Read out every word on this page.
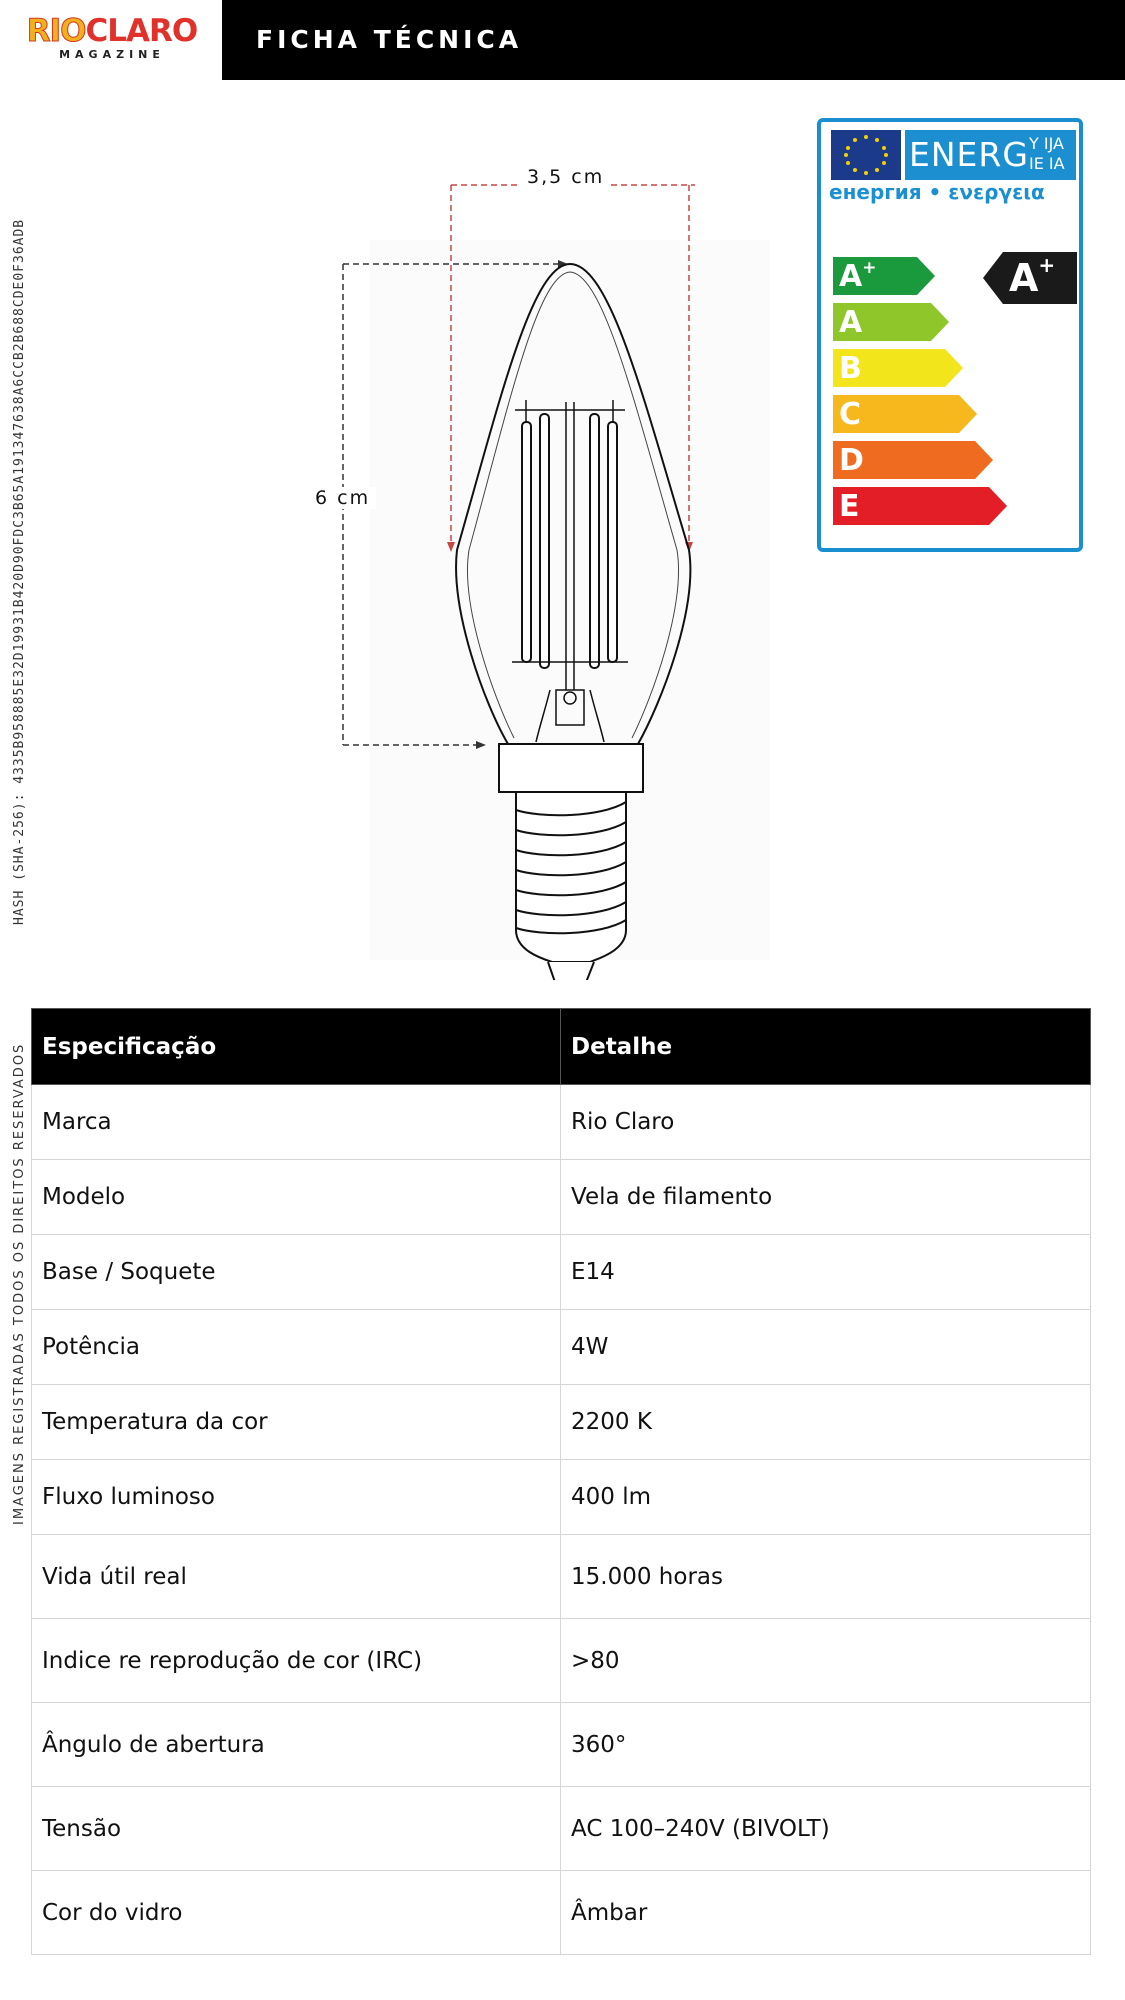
RIOCLARO
MAGAZINE
FICHA TÉCNICA
HASH (SHA-256): 4335B958885E32D19931B420D90FDC3B65A191347638A6CCB2B688CDE0F36ADB
IMAGENS REGISTRADAS TODOS OS DIREITOS RESERVADOS
3,5 cm
6 cm
ENERG Y IJA
IE IA
енергия • ενεργεια
A+
A
B
C
D
E
A+
Especificação	Detalhe
Marca	Rio Claro
Modelo	Vela de filamento
Base / Soquete	E14
Potência	4W
Temperatura da cor	2200 K
Fluxo luminoso	400 lm
Vida útil real	15.000 horas
Indice re reprodução de cor (IRC)	>80
Ângulo de abertura	360°
Tensão	AC 100–240V (BIVOLT)
Cor do vidro	Âmbar
